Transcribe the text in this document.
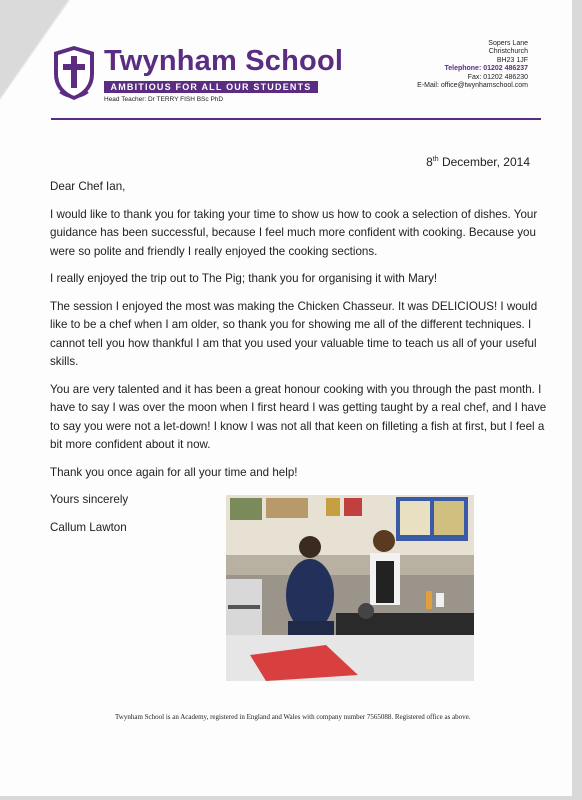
Twynham School
AMBITIOUS FOR ALL OUR STUDENTS
Head Teacher: Dr TERRY FISH BSc PhD
Sopers Lane
Christchurch
BH23 1JF
Telephone: 01202 486237
Fax: 01202 486230
E-Mail: office@twynhamschool.com
8th December, 2014

Dear Chef Ian,

I would like to thank you for taking your time to show us how to cook a selection of dishes. Your guidance has been successful, because I feel much more confident with cooking. Because you were so polite and friendly I really enjoyed the cooking sections.

I really enjoyed the trip out to The Pig; thank you for organising it with Mary!

The session I enjoyed the most was making the Chicken Chasseur. It was DELICIOUS! I would like to be a chef when I am older, so thank you for showing me all of the different techniques. I cannot tell you how thankful I am that you used your valuable time to teach us all of your useful skills.

You are very talented and it has been a great honour cooking with you through the past month. I have to say I was over the moon when I first heard I was getting taught by a real chef, and I have to say you were not a let-down! I know I was not all that keen on filleting a fish at first, but I feel a bit more confident about it now.

Thank you once again for all your time and help!

Yours sincerely

Callum Lawton

Twynham School is an Academy, registered in England and Wales with company number 7565088. Registered office as above.
